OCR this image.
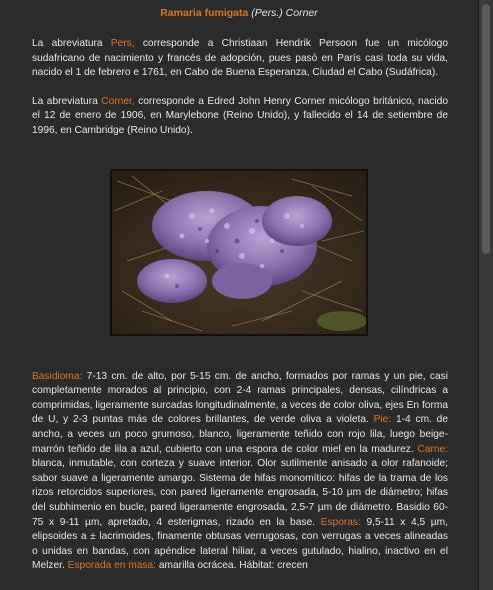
Ramaria fumigata (Pers.) Corner

La abreviatura Pers, corresponde a Christiaan Hendrik Persoon fue un micólogo sudafricano de nacimiento y francés de adopción, pues pasó en París casi toda su vida, nacido el 1 de febrero e 1761, en Cabo de Buena Esperanza, Ciudad el Cabo (Sudáfrica).

La abreviatura Corner, corresponde a Edred John Henry Corner micólogo británico, nacido el 12 de enero de 1906, en Marylebone (Reino Unido), y fallecido el 14 de setiembre de 1996, en Cambridge (Reino Unido).

Basidioma: 7-13 cm. de alto, por 5-15 cm. de ancho, formados por ramas y un pie, casi completamente morados al principio, con 2-4 ramas principales, densas, cilíndricas a comprimidas, ligeramente surcadas longitudinalmente, a veces de color oliva, ejes En forma de U, y 2-3 puntas más de colores brillantes, de verde oliva a violeta. Pie: 1-4 cm. de ancho, a veces un poco grumoso, blanco, ligeramente teñido con rojo lila, luego beige-marrón teñido de lila a azul, cubierto con una espora de color miel en la madurez. Carne: blanca, inmutable, con corteza y suave interior. Olor sutilmente anisado a olor rafanoide; sabor suave a ligeramente amargo. Sistema de hifas monomítico: hifas de la trama de los rizos retorcidos superiores, con pared ligeramente engrosada, 5-10 µm de diámetro; hifas del subhimenio en bucle, pared ligeramente engrosada, 2,5-7 µm de diámetro. Basidio 60-75 x 9-11 µm, apretado, 4 esterigmas, rizado en la base. Esporas: 9,5-11 x 4,5 µm, elipsoides a ± lacrimoides, finamente obtusas verrugosas, con verrugas a veces alineadas o unidas en bandas, con apéndice lateral hiliar, a veces gutulado, hialino, inactivo en el Melzer. Esporada en masa: amarilla ocrácea. Hábitat: crecen
